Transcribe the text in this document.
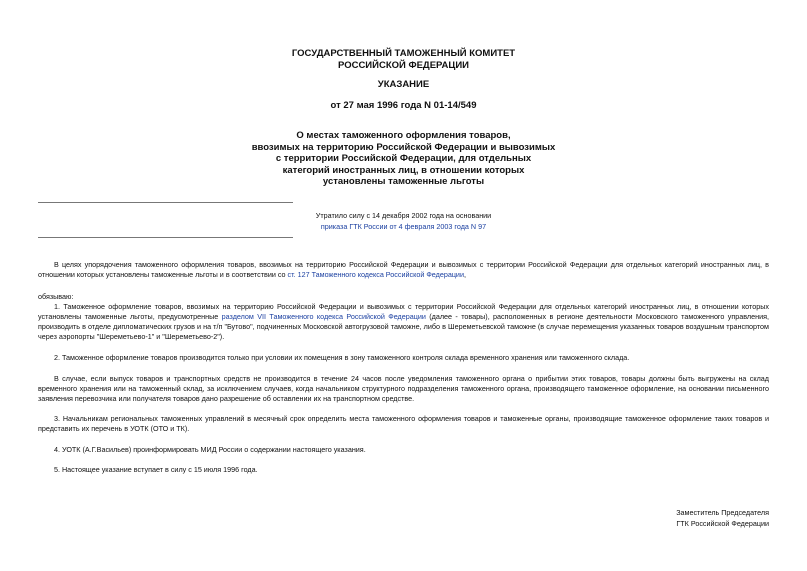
ГОСУДАРСТВЕННЫЙ ТАМОЖЕННЫЙ КОМИТЕТ
РОССИЙСКОЙ ФЕДЕРАЦИИ
УКАЗАНИЕ
от 27 мая 1996 года N 01-14/549
О местах таможенного оформления товаров,
ввозимых на территорию Российской Федерации и вывозимых
с территории Российской Федерации, для отдельных
категорий иностранных лиц, в отношении которых
установлены таможенные льготы
Утратило силу с 14 декабря 2002 года на основании
приказа ГТК России от 4 февраля 2003 года N 97
В целях упорядочения таможенного оформления товаров, ввозимых на территорию Российской Федерации и вывозимых с территории Российской Федерации для отдельных категорий иностранных лиц, в отношении которых установлены таможенные льготы и в соответствии со ст. 127 Таможенного кодекса Российской Федерации,
обязываю:
1. Таможенное оформление товаров, ввозимых на территорию Российской Федерации и вывозимых с территории Российской Федерации для отдельных категорий иностранных лиц, в отношении которых установлены таможенные льготы, предусмотренные разделом VII Таможенного кодекса Российской Федерации (далее - товары), расположенных в регионе деятельности Московского таможенного управления, производить в отделе дипломатических грузов и на т/п "Бутово", подчиненных Московской автогрузовой таможне, либо в Шереметьевской таможне (в случае перемещения указанных товаров воздушным транспортом через аэропорты "Шереметьево-1" и "Шереметьево-2").
2. Таможенное оформление товаров производится только при условии их помещения в зону таможенного контроля склада временного хранения или таможенного склада.
В случае, если выпуск товаров и транспортных средств не производится в течение 24 часов после уведомления таможенного органа о прибытии этих товаров, товары должны быть выгружены на склад временного хранения или на таможенный склад, за исключением случаев, когда начальником структурного подразделения таможенного органа, производящего таможенное оформление, на основании письменного заявления перевозчика или получателя товаров дано разрешение об оставлении их на транспортном средстве.
3. Начальникам региональных таможенных управлений в месячный срок определить места таможенного оформления товаров и таможенные органы, производящие таможенное оформление таких товаров и представить их перечень в УОТК (ОТО и ТК).
4. УОТК (А.Г.Васильев) проинформировать МИД России о содержании настоящего указания.
5. Настоящее указание вступает в силу с 15 июля 1996 года.
Заместитель Председателя
ГТК Российской Федерации
